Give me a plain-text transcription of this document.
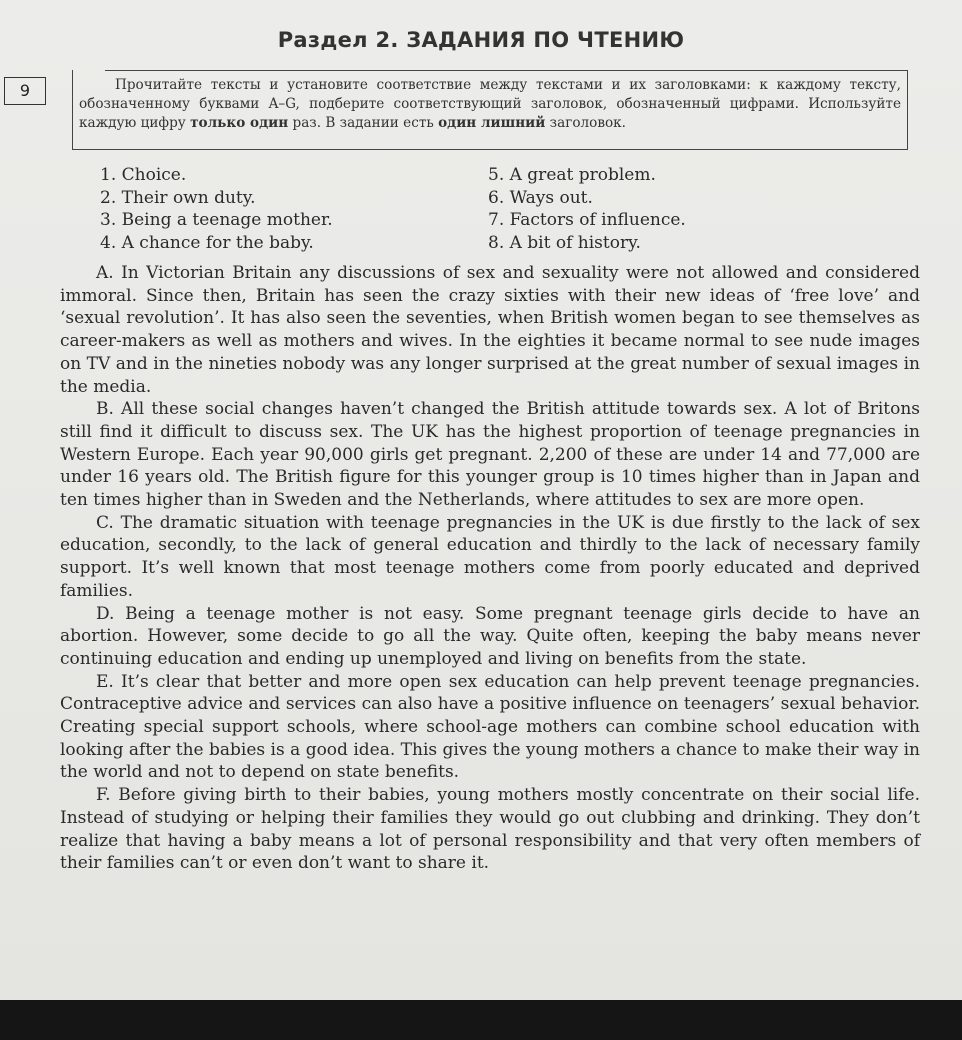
Раздел 2. ЗАДАНИЯ ПО ЧТЕНИЮ
9	Прочитайте тексты и установите соответствие между текстами и их заголовками: к каждому тексту, обозначенному буквами A–G, подберите соответствующий заголовок, обозначенный цифрами. Используйте каждую цифру только один раз. В задании есть один лишний заголовок.

1. Choice.
2. Their own duty.
3. Being a teenage mother.
4. A chance for the baby.
5. A great problem.
6. Ways out.
7. Factors of influence.
8. A bit of history.

A. In Victorian Britain any discussions of sex and sexuality were not allowed and considered immoral. Since then, Britain has seen the crazy sixties with their new ideas of ‘free love’ and ‘sexual revolution’. It has also seen the seventies, when British women began to see themselves as career-makers as well as mothers and wives. In the eighties it became normal to see nude images on TV and in the nineties nobody was any longer surprised at the great number of sexual images in the media.

B. All these social changes haven’t changed the British attitude towards sex. A lot of Britons still find it difficult to discuss sex. The UK has the highest proportion of teenage pregnancies in Western Europe. Each year 90,000 girls get pregnant. 2,200 of these are under 14 and 77,000 are under 16 years old. The British figure for this younger group is 10 times higher than in Japan and ten times higher than in Sweden and the Netherlands, where attitudes to sex are more open.

C. The dramatic situation with teenage pregnancies in the UK is due firstly to the lack of sex education, secondly, to the lack of general education and thirdly to the lack of necessary family support. It’s well known that most teenage mothers come from poorly educated and deprived families.

D. Being a teenage mother is not easy. Some pregnant teenage girls decide to have an abortion. However, some decide to go all the way. Quite often, keeping the baby means never continuing education and ending up unemployed and living on benefits from the state.

E. It’s clear that better and more open sex education can help prevent teenage pregnancies. Contraceptive advice and services can also have a positive influence on teenagers’ sexual behavior. Creating special support schools, where school-age mothers can combine school education with looking after the babies is a good idea. This gives the young mothers a chance to make their way in the world and not to depend on state benefits.

F. Before giving birth to their babies, young mothers mostly concentrate on their social life. Instead of studying or helping their families they would go out clubbing and drinking. They don’t realize that having a baby means a lot of personal responsibility and that very often members of their families can’t or even don’t want to share it.
